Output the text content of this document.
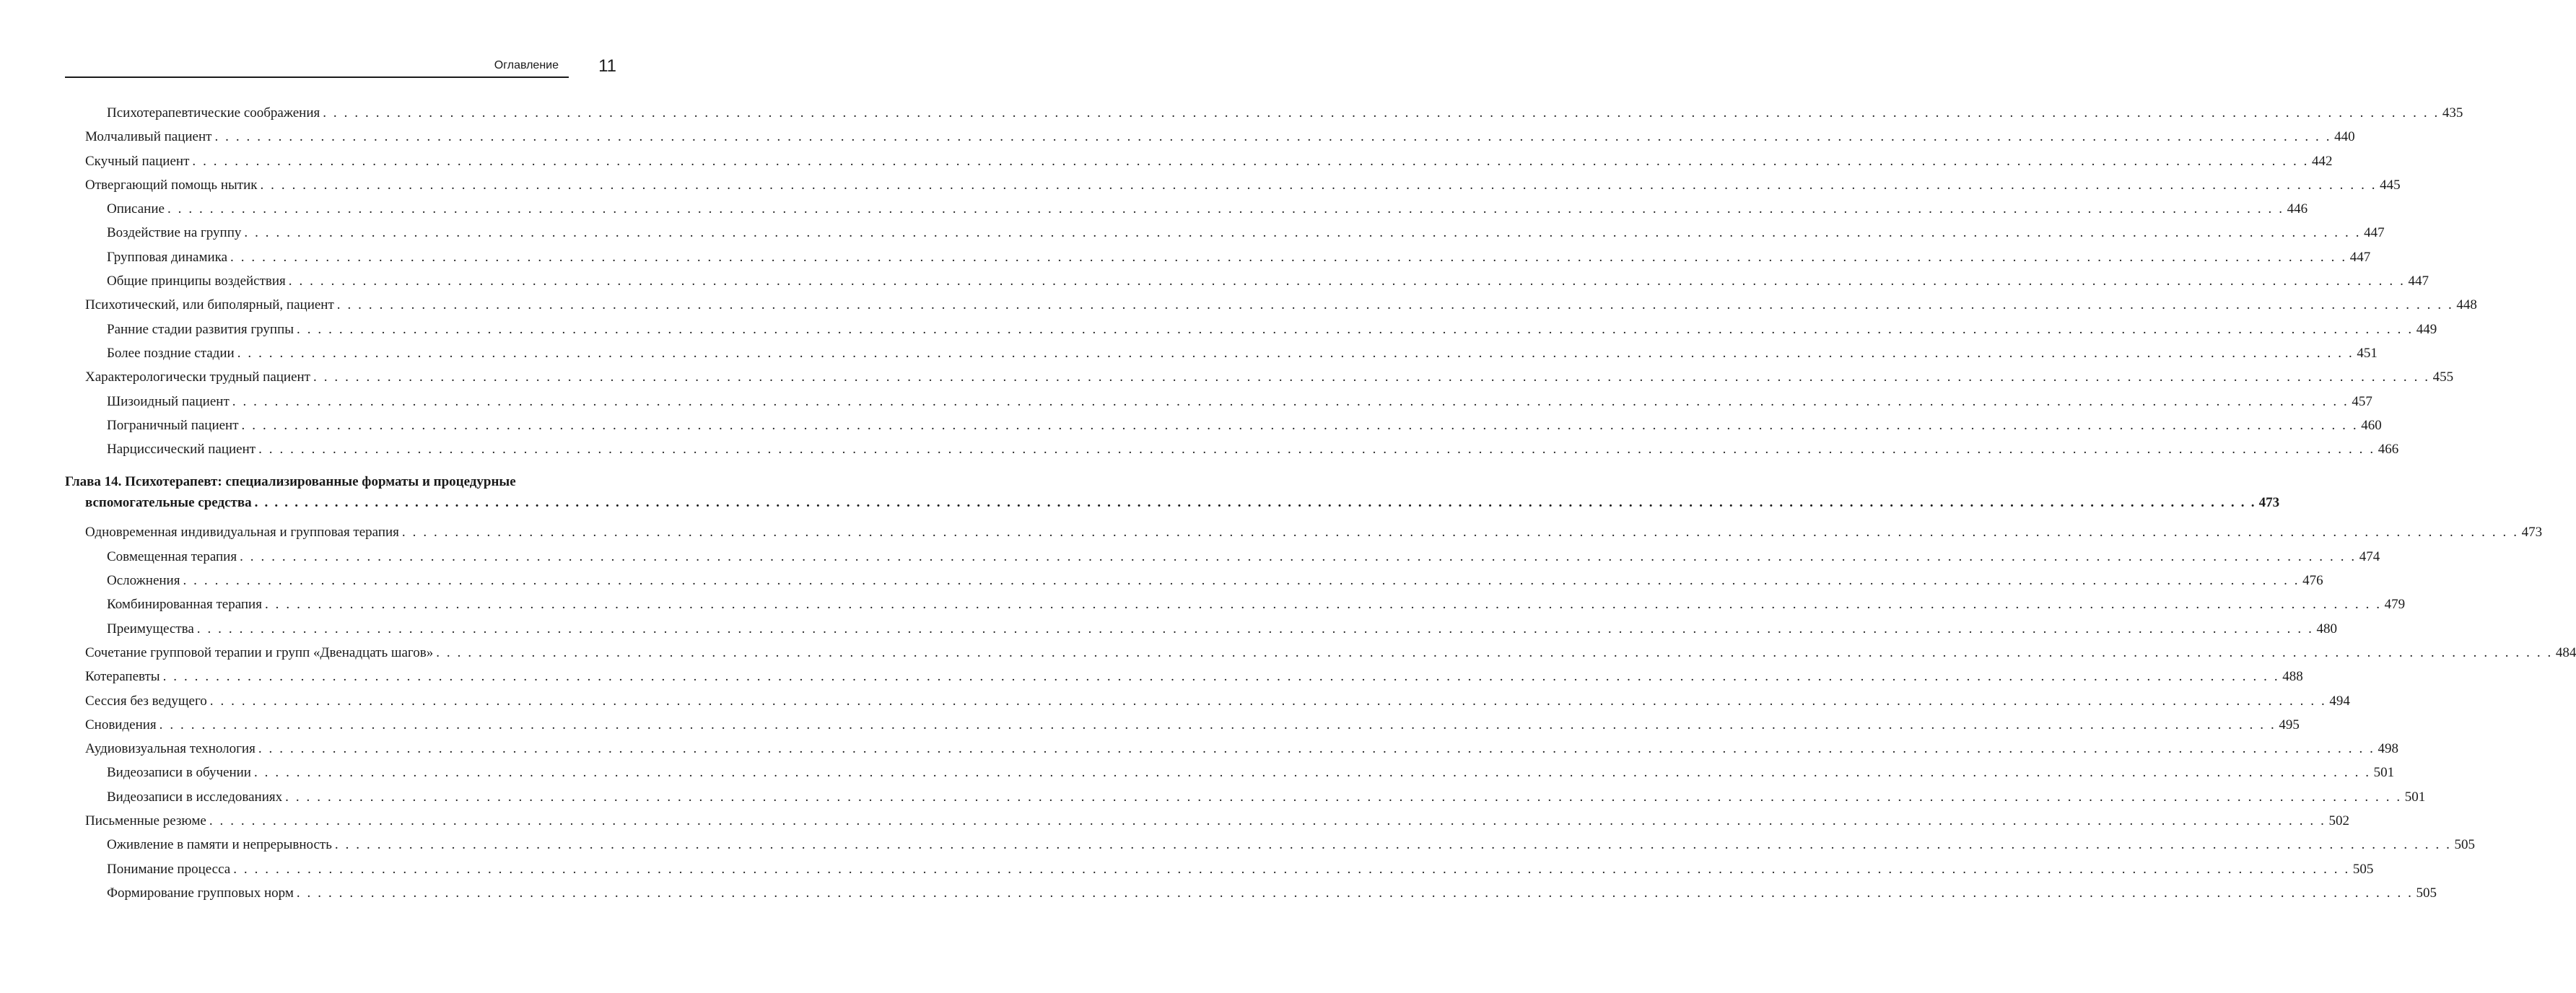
Оглавление 11
Психотерапевтические соображения . . . . . . . . . . . . . . . . . . . . . . . . . . . . . . . . . . . . . . . . . . . . . . . . . . . . . . . . . . . . . . . . . . . . . . . . . . . . . . . . . . . . . . . . . . . . . . . . . . . . . . . . . . . . . . . . . . . . . . . . . . . . . . . . . . . . . . . . . . . . . . . . . . . . . . . . . . . . . . . . . . . . . . . . . . . . . . . . . . . . . . . . . . . . . . . . . . . . . . . . 435
Молчаливый пациент . . . . . . . . . . . . . . . . . . . . . . . . . . . . . . . . . . . . . . . . . . . . . . . . . . . . . . . . . . . . . . . . . . . . . . . . . . . . . . . . . . . . . . . . . . . . . . . . . . . . . . . . . . . . . . . . . . . . . . . . . . . . . . . . . . . . . . . . . . . . . . . . . . . . . . . . . . . . . . . . . . . . . . . . . . . . . . . . . . . . . . . . . . . . . . . . . . . . . . . . 440
Скучный пациент . . . . . . . . . . . . . . . . . . . . . . . . . . . . . . . . . . . . . . . . . . . . . . . . . . . . . . . . . . . . . . . . . . . . . . . . . . . . . . . . . . . . . . . . . . . . . . . . . . . . . . . . . . . . . . . . . . . . . . . . . . . . . . . . . . . . . . . . . . . . . . . . . . . . . . . . . . . . . . . . . . . . . . . . . . . . . . . . . . . . . . . . . . . . . . . . . . . . . . . . 442
Отвергающий помощь нытик . . . . . . . . . . . . . . . . . . . . . . . . . . . . . . . . . . . . . . . . . . . . . . . . . . . . . . . . . . . . . . . . . . . . . . . . . . . . . . . . . . . . . . . . . . . . . . . . . . . . . . . . . . . . . . . . . . . . . . . . . . . . . . . . . . . . . . . . . . . . . . . . . . . . . . . . . . . . . . . . . . . . . . . . . . . . . . . . . . . . . . . . . . . . . . . . . . . . . . . . 445
Описание . . . . . . . . . . . . . . . . . . . . . . . . . . . . . . . . . . . . . . . . . . . . . . . . . . . . . . . . . . . . . . . . . . . . . . . . . . . . . . . . . . . . . . . . . . . . . . . . . . . . . . . . . . . . . . . . . . . . . . . . . . . . . . . . . . . . . . . . . . . . . . . . . . . . . . . . . . . . . . . . . . . . . . . . . . . . . . . . . . . . . . . . . . . . . . . . . . . . . . . . 446
Воздействие на группу . . . . . . . . . . . . . . . . . . . . . . . . . . . . . . . . . . . . . . . . . . . . . . . . . . . . . . . . . . . . . . . . . . . . . . . . . . . . . . . . . . . . . . . . . . . . . . . . . . . . . . . . . . . . . . . . . . . . . . . . . . . . . . . . . . . . . . . . . . . . . . . . . . . . . . . . . . . . . . . . . . . . . . . . . . . . . . . . . . . . . . . . . . . . . . . . . . . . . . . . 447
Групповая динамика . . . . . . . . . . . . . . . . . . . . . . . . . . . . . . . . . . . . . . . . . . . . . . . . . . . . . . . . . . . . . . . . . . . . . . . . . . . . . . . . . . . . . . . . . . . . . . . . . . . . . . . . . . . . . . . . . . . . . . . . . . . . . . . . . . . . . . . . . . . . . . . . . . . . . . . . . . . . . . . . . . . . . . . . . . . . . . . . . . . . . . . . . . . . . . . . . . . . . . . . 447
Общие принципы воздействия . . . . . . . . . . . . . . . . . . . . . . . . . . . . . . . . . . . . . . . . . . . . . . . . . . . . . . . . . . . . . . . . . . . . . . . . . . . . . . . . . . . . . . . . . . . . . . . . . . . . . . . . . . . . . . . . . . . . . . . . . . . . . . . . . . . . . . . . . . . . . . . . . . . . . . . . . . . . . . . . . . . . . . . . . . . . . . . . . . . . . . . . . . . . . . . . . . . . . . . . 447
Психотический, или биполярный, пациент . . . . . . . . . . . . . . . . . . . . . . . . . . . . . . . . . . . . . . . . . . . . . . . . . . . . . . . . . . . . . . . . . . . . . . . . . . . . . . . . . . . . . . . . . . . . . . . . . . . . . . . . . . . . . . . . . . . . . . . . . . . . . . . . . . . . . . . . . . . . . . . . . . . . . . . . . . . . . . . . . . . . . . . . . . . . . . . . . . . . . . . . . . . . . . . . . . . . . . . . 448
Ранние стадии развития группы . . . . . . . . . . . . . . . . . . . . . . . . . . . . . . . . . . . . . . . . . . . . . . . . . . . . . . . . . . . . . . . . . . . . . . . . . . . . . . . . . . . . . . . . . . . . . . . . . . . . . . . . . . . . . . . . . . . . . . . . . . . . . . . . . . . . . . . . . . . . . . . . . . . . . . . . . . . . . . . . . . . . . . . . . . . . . . . . . . . . . . . . . . . . . . . . . . . . . . . . 449
Более поздние стадии . . . . . . . . . . . . . . . . . . . . . . . . . . . . . . . . . . . . . . . . . . . . . . . . . . . . . . . . . . . . . . . . . . . . . . . . . . . . . . . . . . . . . . . . . . . . . . . . . . . . . . . . . . . . . . . . . . . . . . . . . . . . . . . . . . . . . . . . . . . . . . . . . . . . . . . . . . . . . . . . . . . . . . . . . . . . . . . . . . . . . . . . . . . . . . . . . . . . . . . . 451
Характерологически трудный пациент . . . . . . . . . . . . . . . . . . . . . . . . . . . . . . . . . . . . . . . . . . . . . . . . . . . . . . . . . . . . . . . . . . . . . . . . . . . . . . . . . . . . . . . . . . . . . . . . . . . . . . . . . . . . . . . . . . . . . . . . . . . . . . . . . . . . . . . . . . . . . . . . . . . . . . . . . . . . . . . . . . . . . . . . . . . . . . . . . . . . . . . . . . . . . . . . . . . . . . . . 455
Шизоидный пациент . . . . . . . . . . . . . . . . . . . . . . . . . . . . . . . . . . . . . . . . . . . . . . . . . . . . . . . . . . . . . . . . . . . . . . . . . . . . . . . . . . . . . . . . . . . . . . . . . . . . . . . . . . . . . . . . . . . . . . . . . . . . . . . . . . . . . . . . . . . . . . . . . . . . . . . . . . . . . . . . . . . . . . . . . . . . . . . . . . . . . . . . . . . . . . . . . . . . . . . . 457
Пограничный пациент . . . . . . . . . . . . . . . . . . . . . . . . . . . . . . . . . . . . . . . . . . . . . . . . . . . . . . . . . . . . . . . . . . . . . . . . . . . . . . . . . . . . . . . . . . . . . . . . . . . . . . . . . . . . . . . . . . . . . . . . . . . . . . . . . . . . . . . . . . . . . . . . . . . . . . . . . . . . . . . . . . . . . . . . . . . . . . . . . . . . . . . . . . . . . . . . . . . . . . . . 460
Нарциссический пациент . . . . . . . . . . . . . . . . . . . . . . . . . . . . . . . . . . . . . . . . . . . . . . . . . . . . . . . . . . . . . . . . . . . . . . . . . . . . . . . . . . . . . . . . . . . . . . . . . . . . . . . . . . . . . . . . . . . . . . . . . . . . . . . . . . . . . . . . . . . . . . . . . . . . . . . . . . . . . . . . . . . . . . . . . . . . . . . . . . . . . . . . . . . . . . . . . . . . . . . . 466
Глава 14. Психотерапевт: специализированные форматы и процедурные
вспомогательные средства . . . . . . . . . . . . . . . . . . . . . . . . . . . . . . . . . . . . . . . . . . . . . . . . . . . . . . . . . . . . . . . . . . . . . . . . . . . . . . . . . . . . . . . . . . . . . . . . . . . . . . . . . . . . . . . . . . . . . . . . . . . . . . . . . . . . . . . . . . . . . . . . . . . . . . . . . . . . . . . . . . . . . . . . . . . . . . . . . . . . . . . . . . . . . . . . . . . . . . . . 473
Одновременная индивидуальная и групповая терапия . . . . . . . . . . . . . . . . . . . . . . . . . . . . . . . . . . . . . . . . . . . . . . . . . . . . . . . . . . . . . . . . . . . . . . . . . . . . . . . . . . . . . . . . . . . . . . . . . . . . . . . . . . . . . . . . . . . . . . . . . . . . . . . . . . . . . . . . . . . . . . . . . . . . . . . . . . . . . . . . . . . . . . . . . . . . . . . . . . . . . . . . . . . . . . . . . . . . . . . . 473
Совмещенная терапия . . . . . . . . . . . . . . . . . . . . . . . . . . . . . . . . . . . . . . . . . . . . . . . . . . . . . . . . . . . . . . . . . . . . . . . . . . . . . . . . . . . . . . . . . . . . . . . . . . . . . . . . . . . . . . . . . . . . . . . . . . . . . . . . . . . . . . . . . . . . . . . . . . . . . . . . . . . . . . . . . . . . . . . . . . . . . . . . . . . . . . . . . . . . . . . . . . . . . . . . 474
Осложнения . . . . . . . . . . . . . . . . . . . . . . . . . . . . . . . . . . . . . . . . . . . . . . . . . . . . . . . . . . . . . . . . . . . . . . . . . . . . . . . . . . . . . . . . . . . . . . . . . . . . . . . . . . . . . . . . . . . . . . . . . . . . . . . . . . . . . . . . . . . . . . . . . . . . . . . . . . . . . . . . . . . . . . . . . . . . . . . . . . . . . . . . . . . . . . . . . . . . . . . . 476
Комбинированная терапия . . . . . . . . . . . . . . . . . . . . . . . . . . . . . . . . . . . . . . . . . . . . . . . . . . . . . . . . . . . . . . . . . . . . . . . . . . . . . . . . . . . . . . . . . . . . . . . . . . . . . . . . . . . . . . . . . . . . . . . . . . . . . . . . . . . . . . . . . . . . . . . . . . . . . . . . . . . . . . . . . . . . . . . . . . . . . . . . . . . . . . . . . . . . . . . . . . . . . . . . 479
Преимущества . . . . . . . . . . . . . . . . . . . . . . . . . . . . . . . . . . . . . . . . . . . . . . . . . . . . . . . . . . . . . . . . . . . . . . . . . . . . . . . . . . . . . . . . . . . . . . . . . . . . . . . . . . . . . . . . . . . . . . . . . . . . . . . . . . . . . . . . . . . . . . . . . . . . . . . . . . . . . . . . . . . . . . . . . . . . . . . . . . . . . . . . . . . . . . . . . . . . . . . . 480
Сочетание групповой терапии и групп «Двенадцать шагов» . . . . . . . . . . . . . . . . . . . . . . . . . . . . . . . . . . . . . . . . . . . . . . . . . . . . . . . . . . . . . . . . . . . . . . . . . . . . . . . . . . . . . . . . . . . . . . . . . . . . . . . . . . . . . . . . . . . . . . . . . . . . . . . . . . . . . . . . . . . . . . . . . . . . . . . . . . . . . . . . . . . . . . . . . . . . . . . . . . . . . . . . . . . . . . . . . . . . . . . . 484
Котерапевты . . . . . . . . . . . . . . . . . . . . . . . . . . . . . . . . . . . . . . . . . . . . . . . . . . . . . . . . . . . . . . . . . . . . . . . . . . . . . . . . . . . . . . . . . . . . . . . . . . . . . . . . . . . . . . . . . . . . . . . . . . . . . . . . . . . . . . . . . . . . . . . . . . . . . . . . . . . . . . . . . . . . . . . . . . . . . . . . . . . . . . . . . . . . . . . . . . . . . . . . 488
Сессия без ведущего . . . . . . . . . . . . . . . . . . . . . . . . . . . . . . . . . . . . . . . . . . . . . . . . . . . . . . . . . . . . . . . . . . . . . . . . . . . . . . . . . . . . . . . . . . . . . . . . . . . . . . . . . . . . . . . . . . . . . . . . . . . . . . . . . . . . . . . . . . . . . . . . . . . . . . . . . . . . . . . . . . . . . . . . . . . . . . . . . . . . . . . . . . . . . . . . . . . . . . . . 494
Сновидения . . . . . . . . . . . . . . . . . . . . . . . . . . . . . . . . . . . . . . . . . . . . . . . . . . . . . . . . . . . . . . . . . . . . . . . . . . . . . . . . . . . . . . . . . . . . . . . . . . . . . . . . . . . . . . . . . . . . . . . . . . . . . . . . . . . . . . . . . . . . . . . . . . . . . . . . . . . . . . . . . . . . . . . . . . . . . . . . . . . . . . . . . . . . . . . . . . . . . . . . 495
Аудиовизуальная технология . . . . . . . . . . . . . . . . . . . . . . . . . . . . . . . . . . . . . . . . . . . . . . . . . . . . . . . . . . . . . . . . . . . . . . . . . . . . . . . . . . . . . . . . . . . . . . . . . . . . . . . . . . . . . . . . . . . . . . . . . . . . . . . . . . . . . . . . . . . . . . . . . . . . . . . . . . . . . . . . . . . . . . . . . . . . . . . . . . . . . . . . . . . . . . . . . . . . . . . . 498
Видеозаписи в обучении . . . . . . . . . . . . . . . . . . . . . . . . . . . . . . . . . . . . . . . . . . . . . . . . . . . . . . . . . . . . . . . . . . . . . . . . . . . . . . . . . . . . . . . . . . . . . . . . . . . . . . . . . . . . . . . . . . . . . . . . . . . . . . . . . . . . . . . . . . . . . . . . . . . . . . . . . . . . . . . . . . . . . . . . . . . . . . . . . . . . . . . . . . . . . . . . . . . . . . . . 501
Видеозаписи в исследованиях . . . . . . . . . . . . . . . . . . . . . . . . . . . . . . . . . . . . . . . . . . . . . . . . . . . . . . . . . . . . . . . . . . . . . . . . . . . . . . . . . . . . . . . . . . . . . . . . . . . . . . . . . . . . . . . . . . . . . . . . . . . . . . . . . . . . . . . . . . . . . . . . . . . . . . . . . . . . . . . . . . . . . . . . . . . . . . . . . . . . . . . . . . . . . . . . . . . . . . . . 501
Письменные резюме . . . . . . . . . . . . . . . . . . . . . . . . . . . . . . . . . . . . . . . . . . . . . . . . . . . . . . . . . . . . . . . . . . . . . . . . . . . . . . . . . . . . . . . . . . . . . . . . . . . . . . . . . . . . . . . . . . . . . . . . . . . . . . . . . . . . . . . . . . . . . . . . . . . . . . . . . . . . . . . . . . . . . . . . . . . . . . . . . . . . . . . . . . . . . . . . . . . . . . . . 502
Оживление в памяти и непрерывность . . . . . . . . . . . . . . . . . . . . . . . . . . . . . . . . . . . . . . . . . . . . . . . . . . . . . . . . . . . . . . . . . . . . . . . . . . . . . . . . . . . . . . . . . . . . . . . . . . . . . . . . . . . . . . . . . . . . . . . . . . . . . . . . . . . . . . . . . . . . . . . . . . . . . . . . . . . . . . . . . . . . . . . . . . . . . . . . . . . . . . . . . . . . . . . . . . . . . . . . 505
Понимание процесса . . . . . . . . . . . . . . . . . . . . . . . . . . . . . . . . . . . . . . . . . . . . . . . . . . . . . . . . . . . . . . . . . . . . . . . . . . . . . . . . . . . . . . . . . . . . . . . . . . . . . . . . . . . . . . . . . . . . . . . . . . . . . . . . . . . . . . . . . . . . . . . . . . . . . . . . . . . . . . . . . . . . . . . . . . . . . . . . . . . . . . . . . . . . . . . . . . . . . . . . 505
Формирование групповых норм . . . . . . . . . . . . . . . . . . . . . . . . . . . . . . . . . . . . . . . . . . . . . . . . . . . . . . . . . . . . . . . . . . . . . . . . . . . . . . . . . . . . . . . . . . . . . . . . . . . . . . . . . . . . . . . . . . . . . . . . . . . . . . . . . . . . . . . . . . . . . . . . . . . . . . . . . . . . . . . . . . . . . . . . . . . . . . . . . . . . . . . . . . . . . . . . . . . . . . . . 505
